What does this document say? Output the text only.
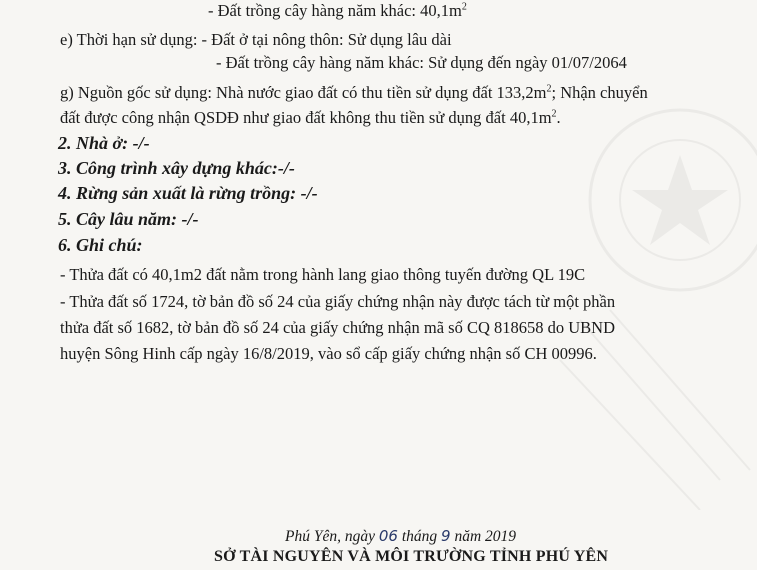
- Đất trồng cây hàng năm khác: $40,1m^2$
e) Thời hạn sử dụng: - Đất ở tại nông thôn: Sử dụng lâu dài
- Đất trồng cây hàng năm khác: Sử dụng đến ngày 01/07/2064
g) Nguồn gốc sử dụng: Nhà nước giao đất có thu tiền sử dụng đất $133,2m^2$; Nhận chuyển
đất được công nhận QSDĐ như giao đất không thu tiền sử dụng đất $40,1m^2$.
2. Nhà ở: -/-
3. Công trình xây dựng khác:-/-
4. Rừng sản xuất là rừng trồng: -/-
5. Cây lâu năm: -/-
6. Ghi chú:
- Thửa đất có 40,1m2 đất nằm trong hành lang giao thông tuyến đường QL 19C
- Thửa đất số 1724, tờ bản đồ số 24 của giấy chứng nhận này được tách từ một phần
thửa đất số 1682, tờ bản đồ số 24 của giấy chứng nhận mã số CQ 818658 do UBND
huyện Sông Hinh cấp ngày 16/8/2019, vào sổ cấp giấy chứng nhận số CH 00996.
Phú Yên, ngày 06 tháng 9 năm 2019
SỞ TÀI NGUYÊN VÀ MÔI TRƯỜNG TỈNH PHÚ YÊN
